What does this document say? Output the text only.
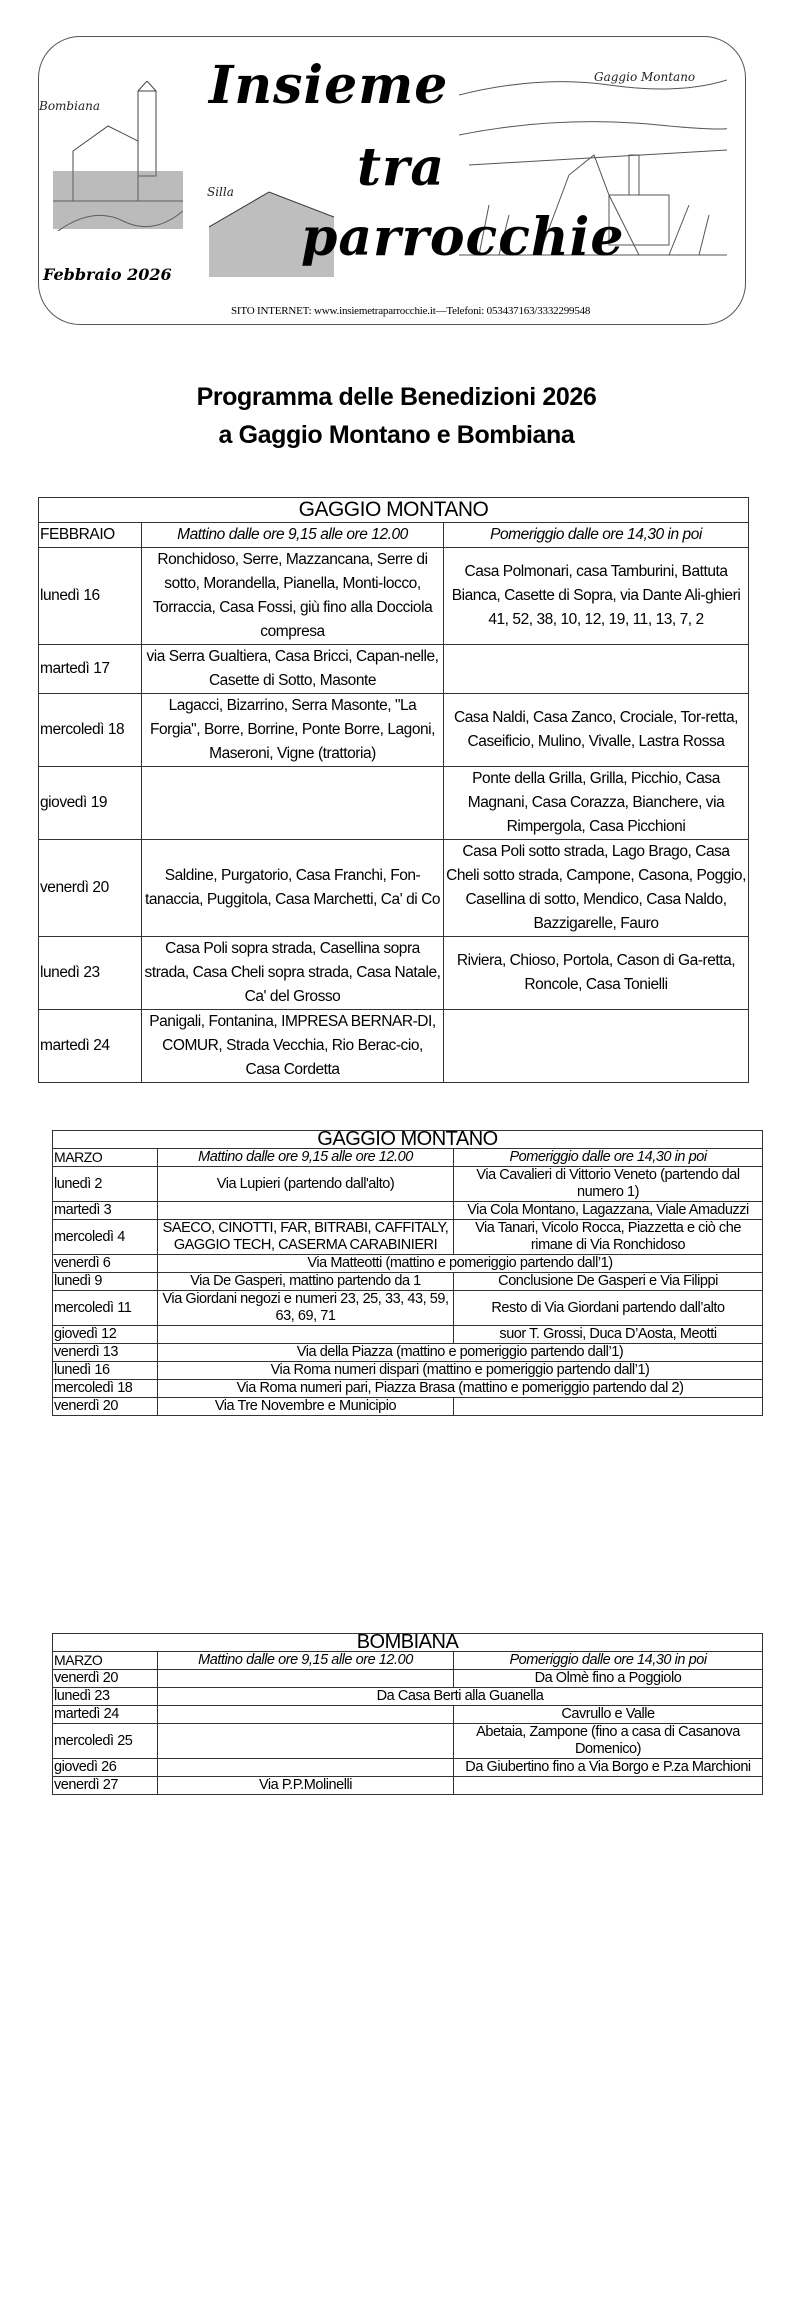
Bombiana
Silla
Gaggio Montano
Insieme
tra
parrocchie
Febbraio 2026
SITO INTERNET: www.insiemetraparrocchie.it—Telefoni: 053437163/3332299548
Programma delle Benedizioni 2026
a Gaggio Montano e Bombiana
GAGGIO MONTANO		
FEBBRAIO	Mattino dalle ore 9,15 alle ore 12.00	Pomeriggio dalle ore 14,30 in poi
lunedì 16	Ronchidoso, Serre, Mazzancana, Serre di sotto, Morandella, Pianella, Monti-locco, Torraccia, Casa Fossi, giù fino alla Docciola compresa	Casa Polmonari, casa Tamburini, Battuta Bianca, Casette di Sopra, via Dante Ali-ghieri 41, 52, 38, 10, 12, 19, 11, 13, 7, 2
martedì 17	via Serra Gualtiera, Casa Bricci, Capan-nelle, Casette di Sotto, Masonte	
mercoledì 18	Lagacci, Bizarrino, Serra Masonte, "La Forgia", Borre, Borrine, Ponte Borre, Lagoni, Maseroni, Vigne (trattoria)	Casa Naldi, Casa Zanco, Crociale, Tor-retta, Caseificio, Mulino, Vivalle, Lastra Rossa
giovedì 19		Ponte della Grilla, Grilla, Picchio, Casa Magnani, Casa Corazza, Bianchere, via Rimpergola, Casa Picchioni
venerdì 20	Saldine, Purgatorio, Casa Franchi, Fon-tanaccia, Puggitola, Casa Marchetti, Ca' di Co	Casa Poli sotto strada, Lago Brago, Casa Cheli sotto strada, Campone, Casona, Poggio, Casellina di sotto, Mendico, Casa Naldo, Bazzigarelle, Fauro
lunedì 23	Casa Poli sopra strada, Casellina sopra strada, Casa Cheli sopra strada, Casa Natale, Ca' del Grosso	Riviera, Chioso, Portola, Cason di Ga-retta, Roncole, Casa Tonielli
martedì 24	Panigali, Fontanina, IMPRESA BERNAR-DI, COMUR, Strada Vecchia, Rio Berac-cio, Casa Cordetta	
GAGGIO MONTANO		
MARZO	Mattino dalle ore 9,15 alle ore 12.00	Pomeriggio dalle ore 14,30 in poi
lunedì 2	Via Lupieri (partendo dall'alto)	Via Cavalieri di Vittorio Veneto (partendo dal numero 1)
martedì 3		Via Cola Montano, Lagazzana, Viale Amaduzzi
mercoledì 4	SAECO, CINOTTI, FAR, BITRABI, CAFFITALY, GAGGIO TECH, CASERMA CARABINIERI	Via Tanari, Vicolo Rocca, Piazzetta e ciò che rimane di Via Ronchidoso
venerdì 6	Via Matteotti (mattino e pomeriggio partendo dall’1)	
lunedì 9	Via De Gasperi, mattino partendo da 1	Conclusione De Gasperi e Via Filippi
mercoledì 11	Via Giordani negozi e numeri 23, 25, 33, 43, 59, 63, 69, 71	Resto di Via Giordani partendo dall’alto
giovedì 12		suor T. Grossi, Duca D’Aosta, Meotti
venerdì 13	Via della Piazza (mattino e pomeriggio partendo dall’1)	
lunedì 16	Via Roma numeri dispari (mattino e pomeriggio partendo dall’1)	
mercoledì 18	Via Roma numeri pari, Piazza Brasa (mattino e pomeriggio partendo dal 2)	
venerdì 20	Via Tre Novembre e Municipio	
BOMBIANA		
MARZO	Mattino dalle ore 9,15 alle ore 12.00	Pomeriggio dalle ore 14,30 in poi
venerdì 20		Da Olmè fino a Poggiolo
lunedì 23	Da Casa Berti alla Guanella	
martedì 24		Cavrullo e Valle
mercoledì 25		Abetaia, Zampone (fino a casa di Casanova Domenico)
giovedì 26		Da Giubertino fino a Via Borgo e P.za Marchioni
venerdì 27	Via P.P.Molinelli	
